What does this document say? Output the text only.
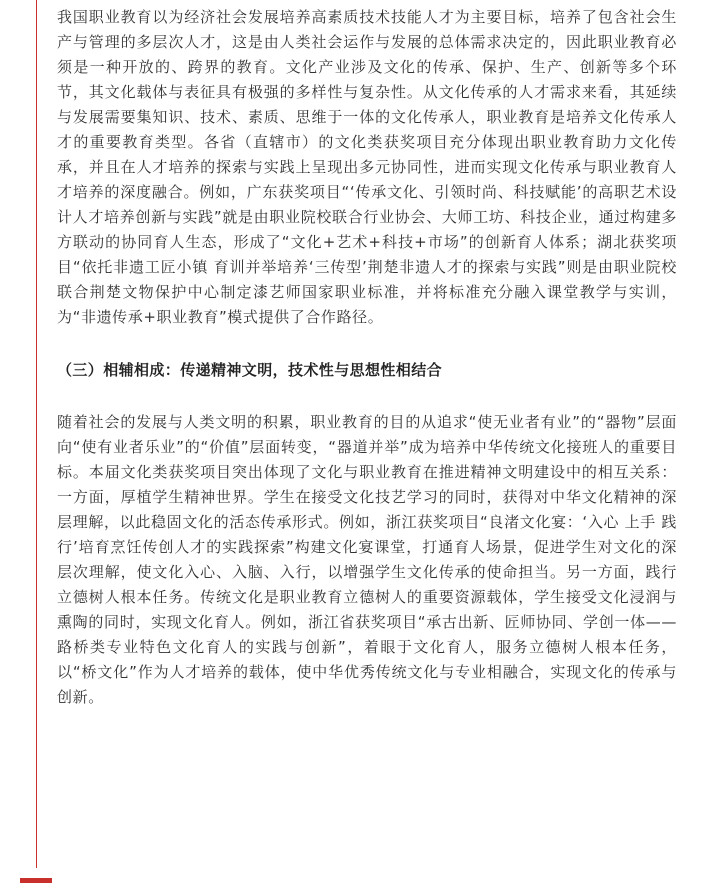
我国职业教育以为经济社会发展培养高素质技术技能人才为主要目标，培养了包含社会生产与管理的多层次人才，这是由人类社会运作与发展的总体需求决定的，因此职业教育必须是一种开放的、跨界的教育。文化产业涉及文化的传承、保护、生产、创新等多个环节，其文化载体与表征具有极强的多样性与复杂性。从文化传承的人才需求来看，其延续与发展需要集知识、技术、素质、思维于一体的文化传承人，职业教育是培养文化传承人才的重要教育类型。各省（直辖市）的文化类获奖项目充分体现出职业教育助力文化传承，并且在人才培养的探索与实践上呈现出多元协同性，进而实现文化传承与职业教育人才培养的深度融合。例如，广东获奖项目“‘传承文化、引领时尚、科技赋能’的高职艺术设计人才培养创新与实践”就是由职业院校联合行业协会、大师工坊、科技企业，通过构建多方联动的协同育人生态，形成了“文化+艺术+科技+市场”的创新育人体系；湖北获奖项目“依托非遗工匠小镇 育训并举培养‘三传型’荆楚非遗人才的探索与实践”则是由职业院校联合荆楚文物保护中心制定漆艺师国家职业标准，并将标准充分融入课堂教学与实训，为“非遗传承+职业教育”模式提供了合作路径。

（三）相辅相成：传递精神文明，技术性与思想性相结合

随着社会的发展与人类文明的积累，职业教育的目的从追求“使无业者有业”的“器物”层面向“使有业者乐业”的“价值”层面转变，“器道并举”成为培养中华传统文化接班人的重要目标。本届文化类获奖项目突出体现了文化与职业教育在推进精神文明建设中的相互关系：一方面，厚植学生精神世界。学生在接受文化技艺学习的同时，获得对中华文化精神的深层理解，以此稳固文化的活态传承形式。例如，浙江获奖项目“良渚文化宴：‘入心 上手 践行’培育烹饪传创人才的实践探索”构建文化宴课堂，打通育人场景，促进学生对文化的深层次理解，使文化入心、入脑、入行，以增强学生文化传承的使命担当。另一方面，践行立德树人根本任务。传统文化是职业教育立德树人的重要资源载体，学生接受文化浸润与熏陶的同时，实现文化育人。例如，浙江省获奖项目“承古出新、匠师协同、学创一体——路桥类专业特色文化育人的实践与创新”，着眼于文化育人，服务立德树人根本任务，以“桥文化”作为人才培养的载体，使中华优秀传统文化与专业相融合，实现文化的传承与创新。
